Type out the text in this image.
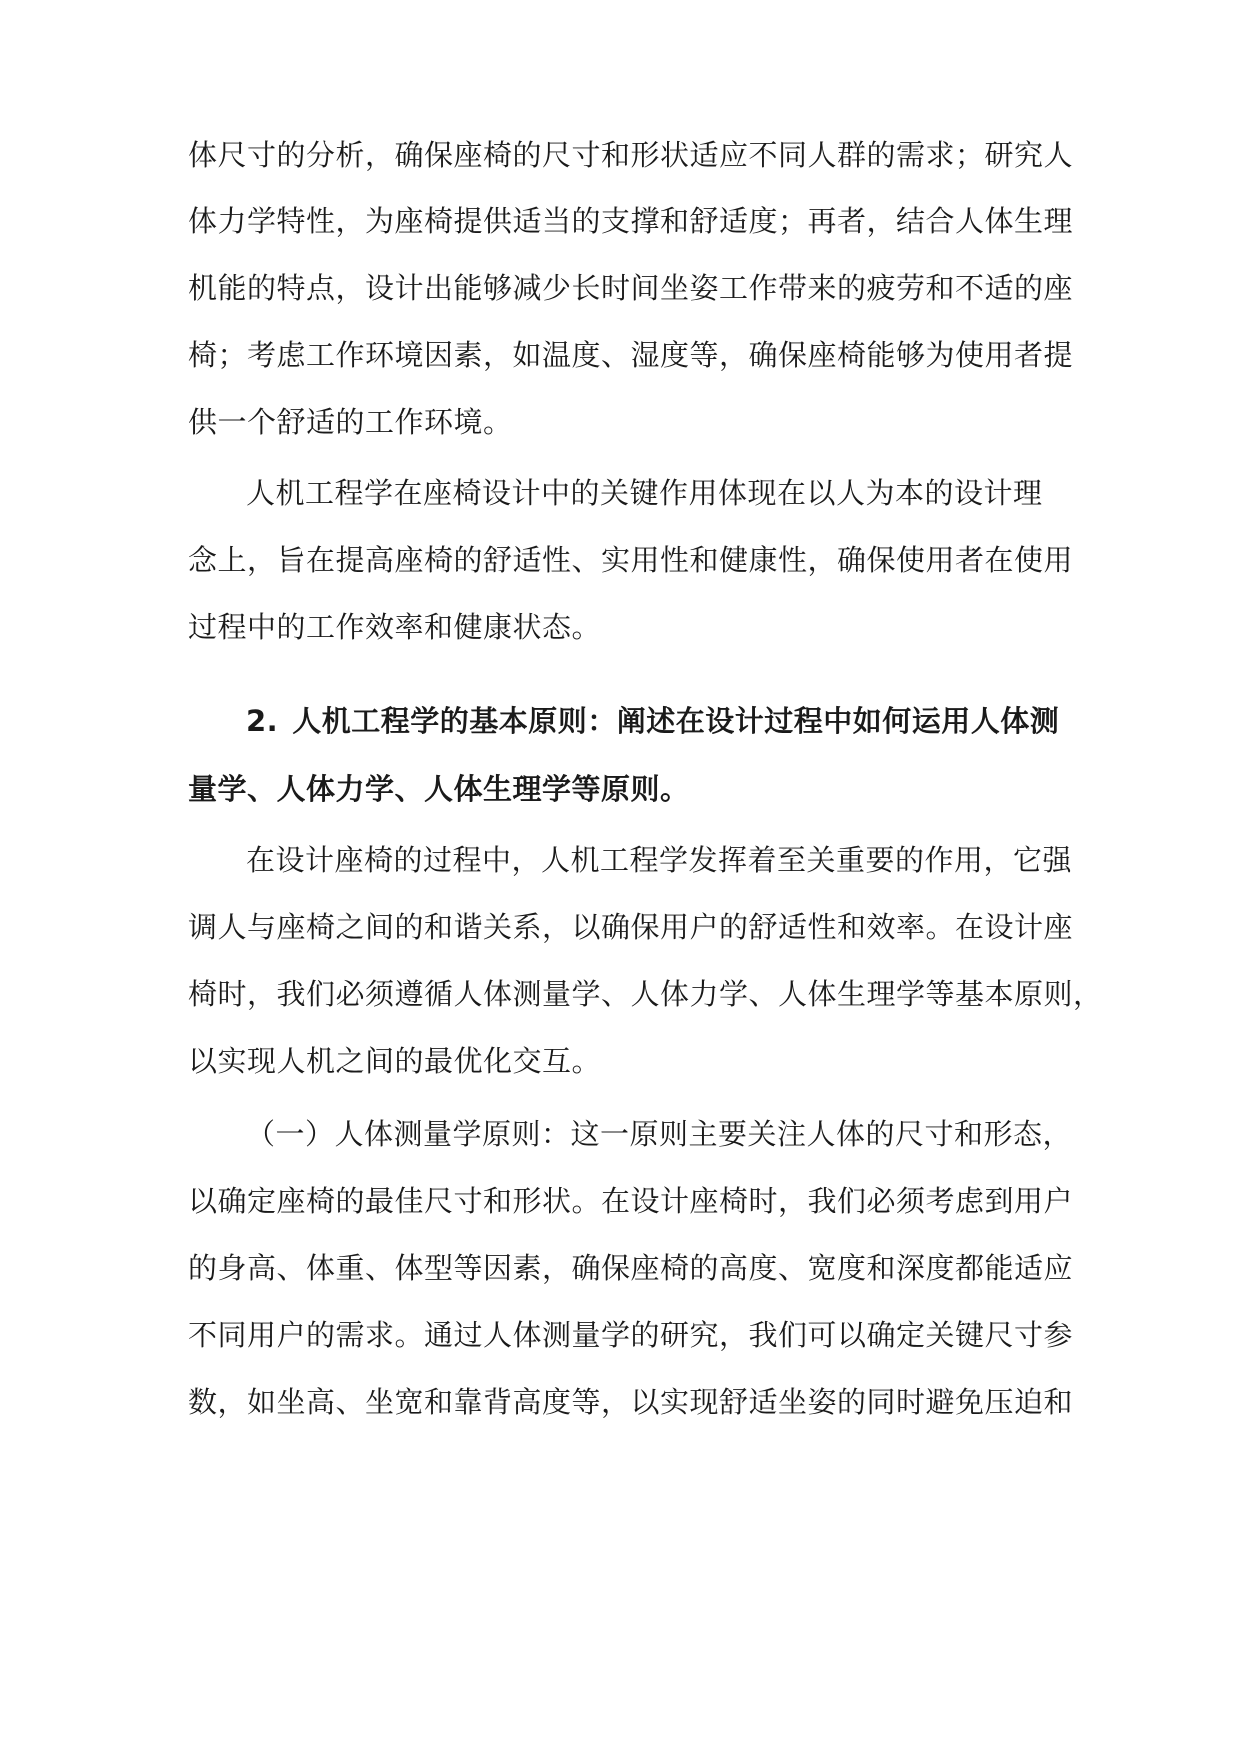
体尺寸的分析，确保座椅的尺寸和形状适应不同人群的需求；研究人
体力学特性，为座椅提供适当的支撑和舒适度；再者，结合人体生理
机能的特点，设计出能够减少长时间坐姿工作带来的疲劳和不适的座
椅；考虑工作环境因素，如温度、湿度等，确保座椅能够为使用者提
供一个舒适的工作环境。
人机工程学在座椅设计中的关键作用体现在以人为本的设计理
念上，旨在提高座椅的舒适性、实用性和健康性，确保使用者在使用
过程中的工作效率和健康状态。
2. 人机工程学的基本原则：阐述在设计过程中如何运用人体测
量学、人体力学、人体生理学等原则。
在设计座椅的过程中，人机工程学发挥着至关重要的作用，它强
调人与座椅之间的和谐关系，以确保用户的舒适性和效率。在设计座
椅时，我们必须遵循人体测量学、人体力学、人体生理学等基本原则，
以实现人机之间的最优化交互。
（一）人体测量学原则：这一原则主要关注人体的尺寸和形态，
以确定座椅的最佳尺寸和形状。在设计座椅时，我们必须考虑到用户
的身高、体重、体型等因素，确保座椅的高度、宽度和深度都能适应
不同用户的需求。通过人体测量学的研究，我们可以确定关键尺寸参
数，如坐高、坐宽和靠背高度等，以实现舒适坐姿的同时避免压迫和
